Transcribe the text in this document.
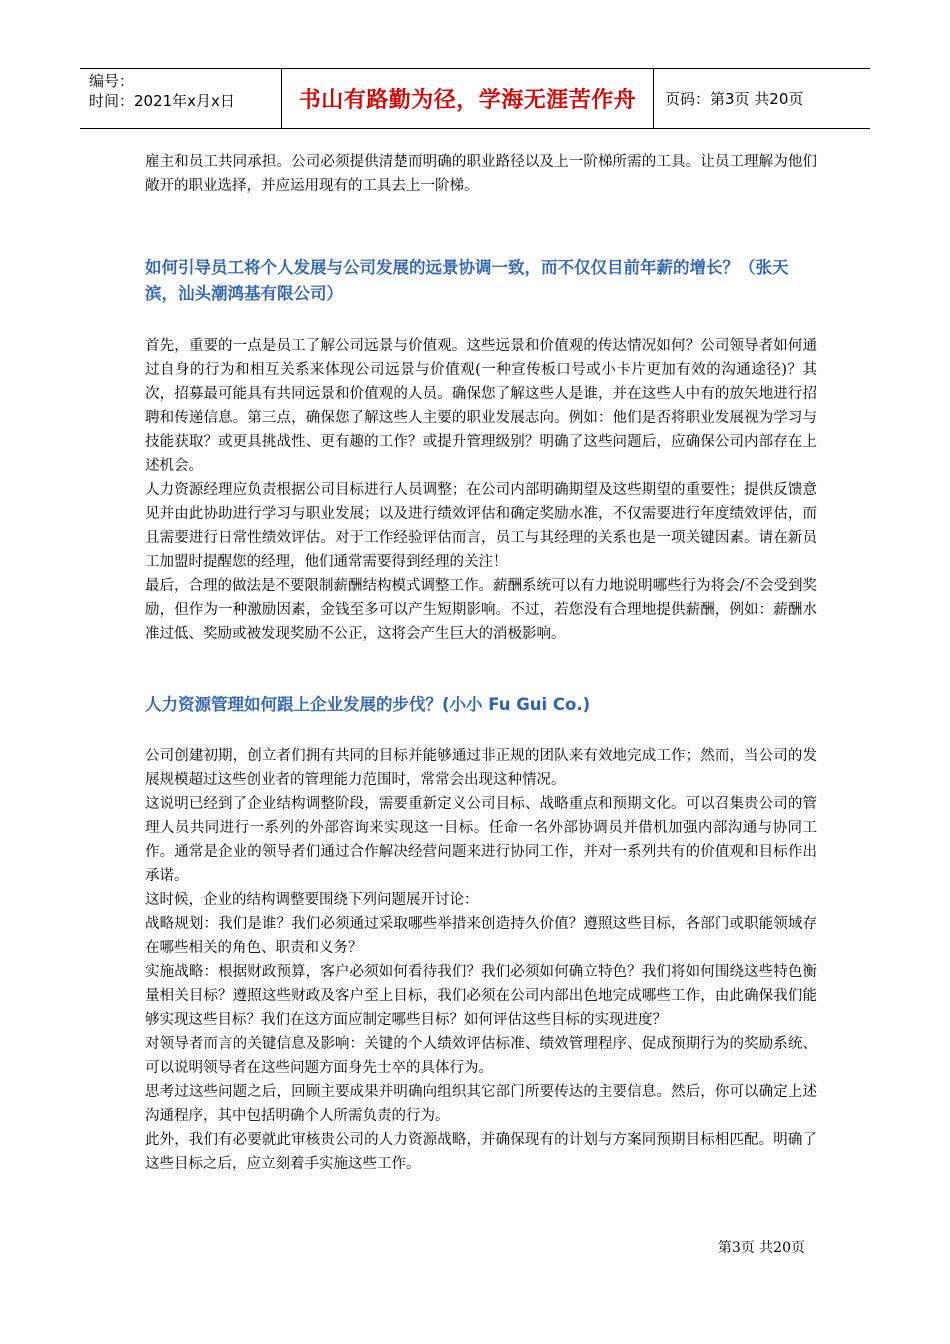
编号：
时间：2021年x月x日	书山有路勤为径，学海无涯苦作舟	页码：第3页 共20页

雇主和员工共同承担。公司必须提供清楚而明确的职业路径以及上一阶梯所需的工具。让员工理解为他们敞开的职业选择，并应运用现有的工具去上一阶梯。

如何引导员工将个人发展与公司发展的远景协调一致，而不仅仅目前年薪的增长？（张天滨，汕头潮鸿基有限公司）

首先，重要的一点是员工了解公司远景与价值观。这些远景和价值观的传达情况如何？公司领导者如何通过自身的行为和相互关系来体现公司远景与价值观(一种宣传板口号或小卡片更加有效的沟通途径)？其次，招募最可能具有共同远景和价值观的人员。确保您了解这些人是谁，并在这些人中有的放矢地进行招聘和传递信息。第三点，确保您了解这些人主要的职业发展志向。例如：他们是否将职业发展视为学习与技能获取？或更具挑战性、更有趣的工作？或提升管理级别？明确了这些问题后，应确保公司内部存在上述机会。

人力资源经理应负责根据公司目标进行人员调整；在公司内部明确期望及这些期望的重要性；提供反馈意见并由此协助进行学习与职业发展；以及进行绩效评估和确定奖励水准，不仅需要进行年度绩效评估，而且需要进行日常性绩效评估。对于工作经验评估而言，员工与其经理的关系也是一项关键因素。请在新员工加盟时提醒您的经理，他们通常需要得到经理的关注！

最后，合理的做法是不要限制薪酬结构模式调整工作。薪酬系统可以有力地说明哪些行为将会/不会受到奖励，但作为一种激励因素，金钱至多可以产生短期影响。不过，若您没有合理地提供薪酬，例如：薪酬水准过低、奖励或被发现奖励不公正，这将会产生巨大的消极影响。

人力资源管理如何跟上企业发展的步伐？(小小 Fu Gui Co.)

公司创建初期，创立者们拥有共同的目标并能够通过非正规的团队来有效地完成工作；然而，当公司的发展规模超过这些创业者的管理能力范围时，常常会出现这种情况。

这说明已经到了企业结构调整阶段，需要重新定义公司目标、战略重点和预期文化。可以召集贵公司的管理人员共同进行一系列的外部咨询来实现这一目标。任命一名外部协调员并借机加强内部沟通与协同工作。通常是企业的领导者们通过合作解决经营问题来进行协同工作，并对一系列共有的价值观和目标作出承诺。

这时候，企业的结构调整要围绕下列问题展开讨论：

战略规划：我们是谁？我们必须通过采取哪些举措来创造持久价值？遵照这些目标，各部门或职能领域存在哪些相关的角色、职责和义务？

实施战略：根据财政预算，客户必须如何看待我们？我们必须如何确立特色？我们将如何围绕这些特色衡量相关目标？遵照这些财政及客户至上目标，我们必须在公司内部出色地完成哪些工作，由此确保我们能够实现这些目标？我们在这方面应制定哪些目标？如何评估这些目标的实现进度？

对领导者而言的关键信息及影响：关键的个人绩效评估标准、绩效管理程序、促成预期行为的奖励系统、可以说明领导者在这些问题方面身先士卒的具体行为。

思考过这些问题之后，回顾主要成果并明确向组织其它部门所要传达的主要信息。然后，你可以确定上述沟通程序，其中包括明确个人所需负责的行为。

此外，我们有必要就此审核贵公司的人力资源战略，并确保现有的计划与方案同预期目标相匹配。明确了这些目标之后，应立刻着手实施这些工作。

第3页 共20页
